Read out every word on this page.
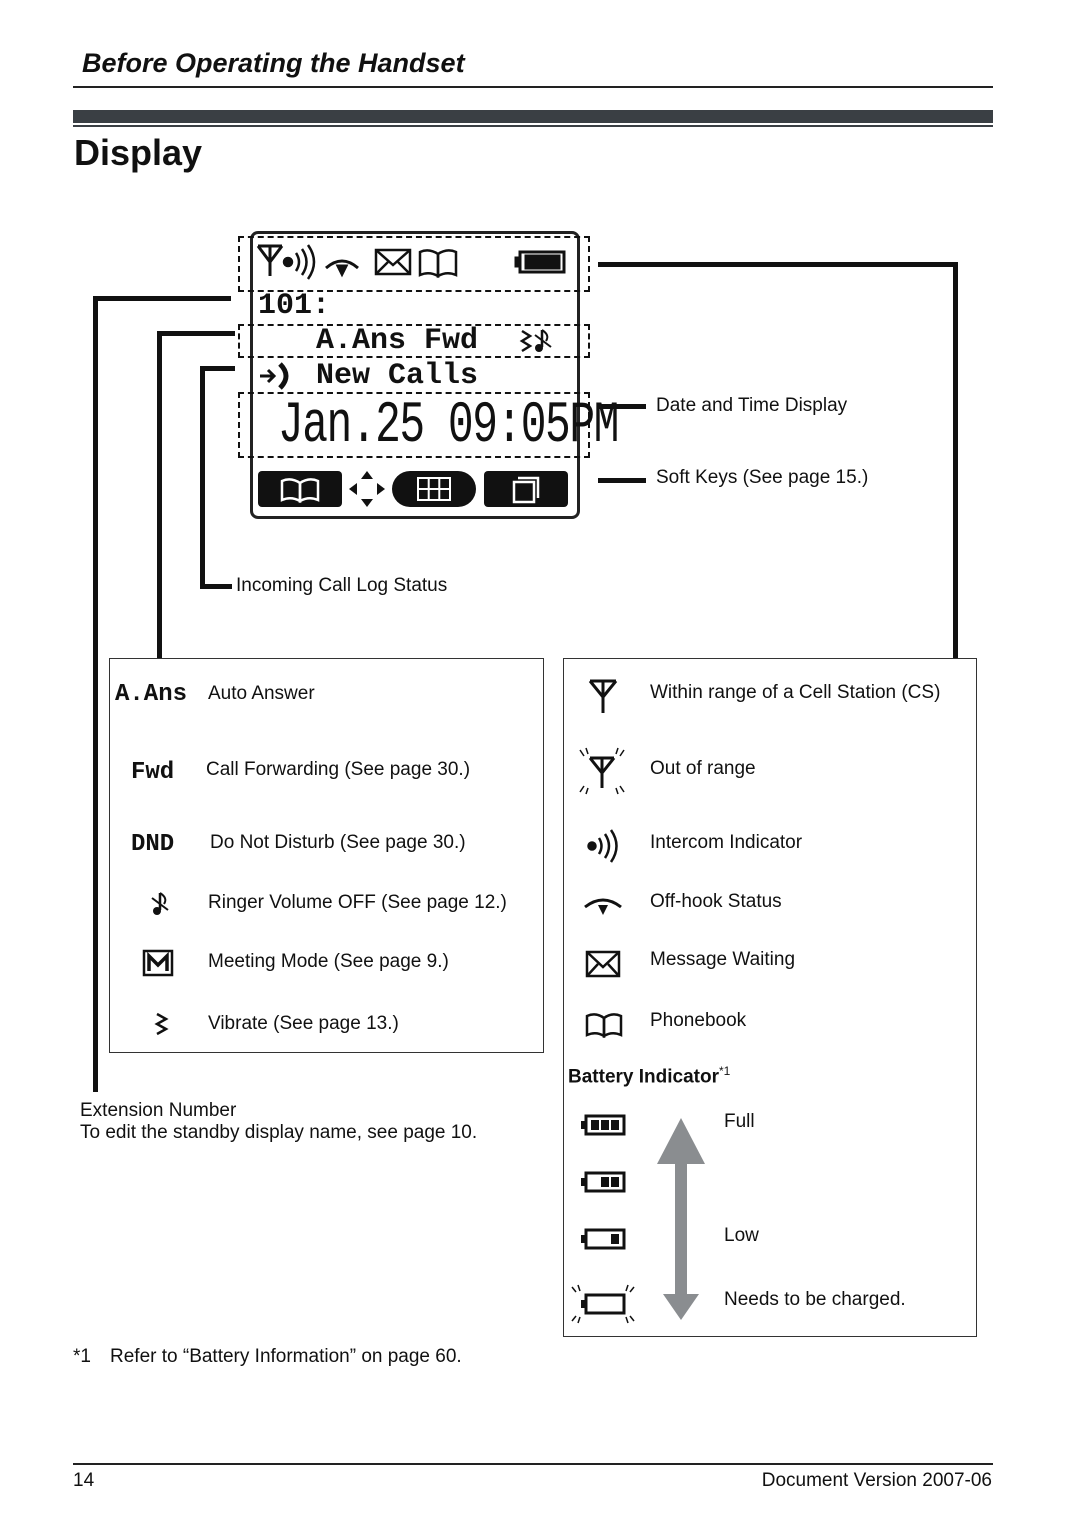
Before Operating the Handset
Display
101:
A.Ans Fwd
New Calls
Jan.25 09:05PM Date and Time Display
Soft Keys (See page 15.)
Incoming Call Log Status
A.Ans Auto Answer
Fwd Call Forwarding (See page 30.)
DND Do Not Disturb (See page 30.)
Ringer Volume OFF (See page 12.)
Meeting Mode (See page 9.)
Vibrate (See page 13.)
Extension Number
To edit the standby display name, see page 10.
Within range of a Cell Station (CS)
Out of range
Intercom Indicator
Off-hook Status
Message Waiting
Phonebook
Battery Indicator$^{*1}$
Full
Low
Needs to be charged.
*1 Refer to “Battery Information” on page 60.
14	Document Version 2007-06
